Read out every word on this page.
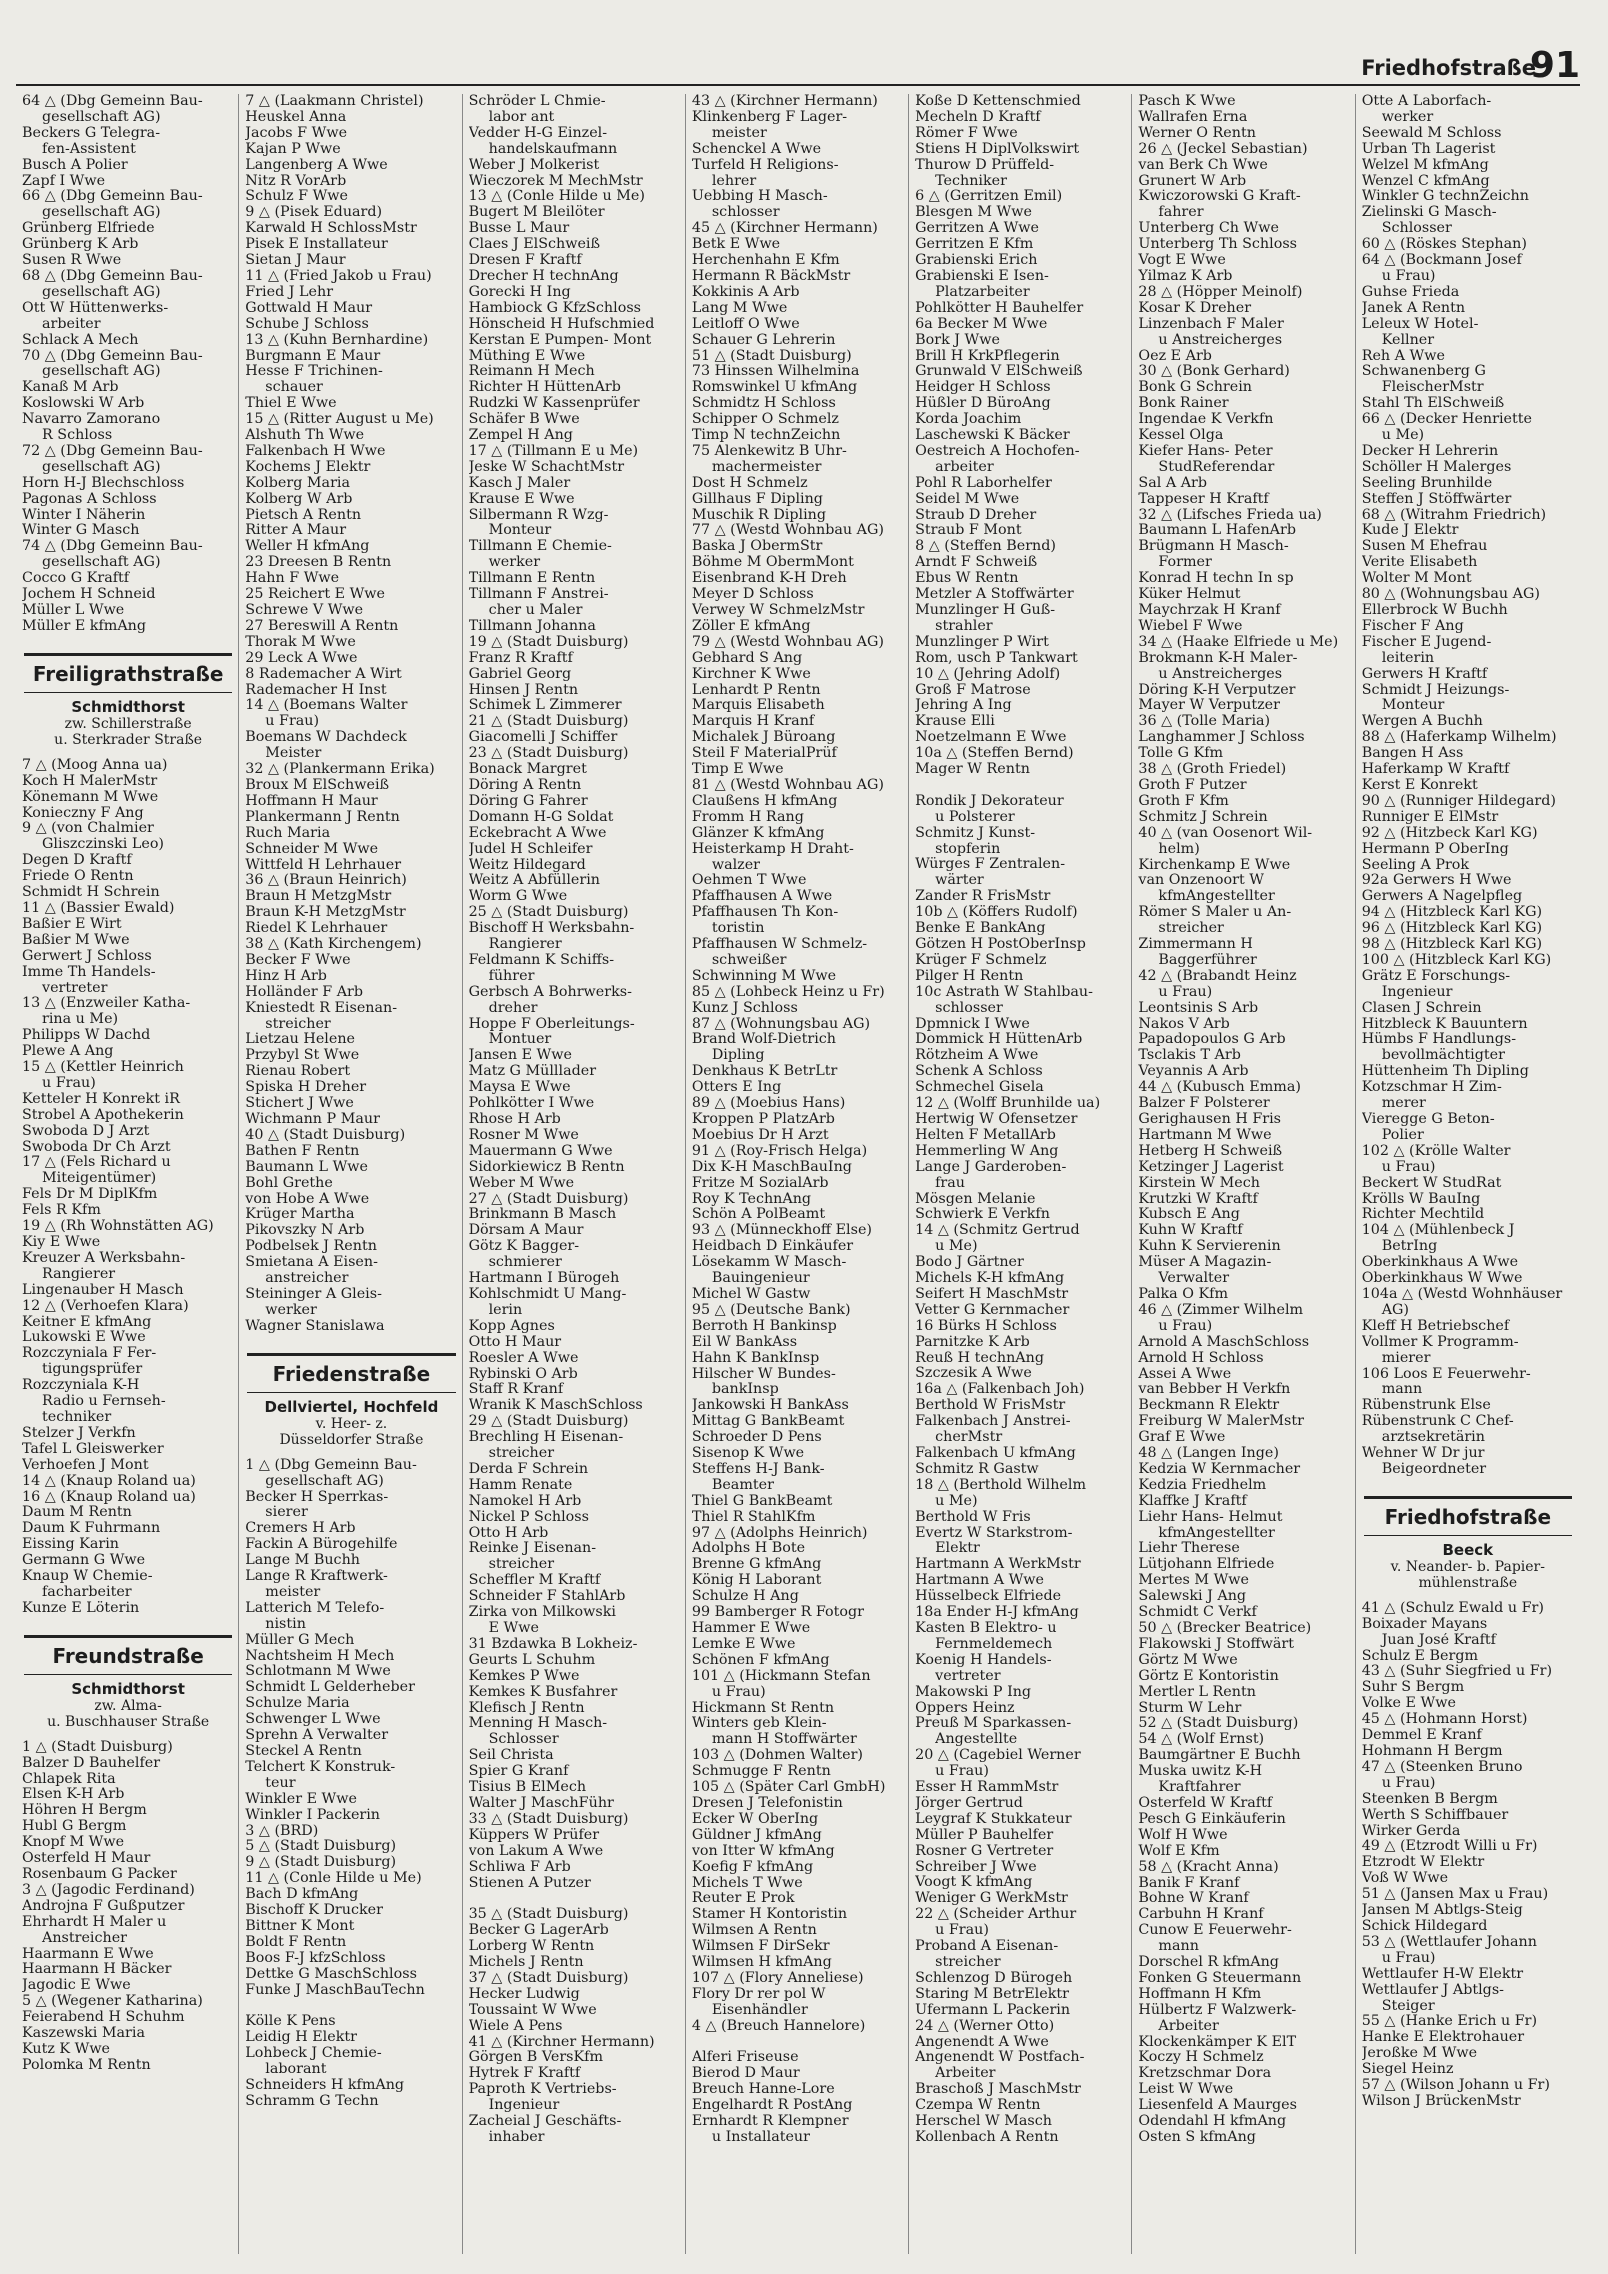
Friedhofstraße
91
64 △ (Dbg Gemeinn Bau-
gesellschaft AG)
Beckers G Telegra-
fen-Assistent
Busch A Polier
Zapf I Wwe
66 △ (Dbg Gemeinn Bau-
gesellschaft AG)
Grünberg Elfriede
Grünberg K Arb
Susen R Wwe
68 △ (Dbg Gemeinn Bau-
gesellschaft AG)
Ott W Hüttenwerks-
arbeiter
Schlack A Mech
70 △ (Dbg Gemeinn Bau-
gesellschaft AG)
Kanaß M Arb
Koslowski W Arb
Navarro Zamorano
R Schloss
72 △ (Dbg Gemeinn Bau-
gesellschaft AG)
Horn H-J Blechschloss
Pagonas A Schloss
Winter I Näherin
Winter G Masch
74 △ (Dbg Gemeinn Bau-
gesellschaft AG)
Cocco G Kraftf
Jochem H Schneid
Müller L Wwe
Müller E kfmAng
Freiligrathstraße
Schmidthorst
zw. Schillerstraße
u. Sterkrader Straße
7 △ (Moog Anna ua)
Koch H MalerMstr
Könemann M Wwe
Konieczny F Ang
9 △ (von Chalmier
Gliszczinski Leo)
Degen D Kraftf
Friede O Rentn
Schmidt H Schrein
11 △ (Bassier Ewald)
Baßier E Wirt
Baßier M Wwe
Gerwert J Schloss
Imme Th Handels-
vertreter
13 △ (Enzweiler Katha-
rina u Me)
Philipps W Dachd
Plewe A Ang
15 △ (Kettler Heinrich
u Frau)
Ketteler H Konrekt iR
Strobel A Apothekerin
Swoboda D J Arzt
Swoboda Dr Ch Arzt
17 △ (Fels Richard u
Miteigentümer)
Fels Dr M DiplKfm
Fels R Kfm
19 △ (Rh Wohnstätten AG)
Kiy E Wwe
Kreuzer A Werksbahn-
Rangierer
Lingenauber H Masch
12 △ (Verhoefen Klara)
Keitner E kfmAng
Lukowski E Wwe
Rozczyniala F Fer-
tigungsprüfer
Rozczyniala K-H
Radio u Fernseh-
techniker
Stelzer J Verkfn
Tafel L Gleiswerker
Verhoefen J Mont
14 △ (Knaup Roland ua)
16 △ (Knaup Roland ua)
Daum M Rentn
Daum K Fuhrmann
Eissing Karin
Germann G Wwe
Knaup W Chemie-
facharbeiter
Kunze E Löterin
Freundstraße
Schmidthorst
zw. Alma-
u. Buschhauser Straße
1 △ (Stadt Duisburg)
Balzer D Bauhelfer
Chlapek Rita
Elsen K-H Arb
Höhren H Bergm
Hubl G Bergm
Knopf M Wwe
Osterfeld H Maur
Rosenbaum G Packer
3 △ (Jagodic Ferdinand)
Androjna F Gußputzer
Ehrhardt H Maler u
Anstreicher
Haarmann E Wwe
Haarmann H Bäcker
Jagodic E Wwe
5 △ (Wegener Katharina)
Feierabend H Schuhm
Kaszewski Maria
Kutz K Wwe
Polomka M Rentn
7 △ (Laakmann Christel)
Heuskel Anna
Jacobs F Wwe
Kajan P Wwe
Langenberg A Wwe
Nitz R VorArb
Schulz F Wwe
9 △ (Pisek Eduard)
Karwald H SchlossMstr
Pisek E Installateur
Sietan J Maur
11 △ (Fried Jakob u Frau)
Fried J Lehr
Gottwald H Maur
Schube J Schloss
13 △ (Kuhn Bernhardine)
Burgmann E Maur
Hesse F Trichinen-
schauer
Thiel E Wwe
15 △ (Ritter August u Me)
Alshuth Th Wwe
Falkenbach H Wwe
Kochems J Elektr
Kolberg Maria
Kolberg W Arb
Pietsch A Rentn
Ritter A Maur
Weller H kfmAng
23 Dreesen B Rentn
Hahn F Wwe
25 Reichert E Wwe
Schrewe V Wwe
27 Bereswill A Rentn
Thorak M Wwe
29 Leck A Wwe
8 Rademacher A Wirt
Rademacher H Inst
14 △ (Boemans Walter
u Frau)
Boemans W Dachdeck
Meister
32 △ (Plankermann Erika)
Broux M ElSchweiß
Hoffmann H Maur
Plankermann J Rentn
Ruch Maria
Schneider M Wwe
Wittfeld H Lehrhauer
36 △ (Braun Heinrich)
Braun H MetzgMstr
Braun K-H MetzgMstr
Riedel K Lehrhauer
38 △ (Kath Kirchengem)
Becker F Wwe
Hinz H Arb
Holländer F Arb
Kniestedt R Eisenan-
streicher
Lietzau Helene
Przybyl St Wwe
Rienau Robert
Spiska H Dreher
Stichert J Wwe
Wichmann P Maur
40 △ (Stadt Duisburg)
Bathen F Rentn
Baumann L Wwe
Bohl Grethe
von Hobe A Wwe
Krüger Martha
Pikovszky N Arb
Podbelsek J Rentn
Smietana A Eisen-
anstreicher
Steininger A Gleis-
werker
Wagner Stanislawa
Friedenstraße
Dellviertel, Hochfeld
v. Heer- z.
Düsseldorfer Straße
1 △ (Dbg Gemeinn Bau-
gesellschaft AG)
Becker H Sperrkas-
sierer
Cremers H Arb
Fackin A Bürogehilfe
Lange M Buchh
Lange R Kraftwerk-
meister
Latterich M Telefo-
nistin
Müller G Mech
Nachtsheim H Mech
Schlotmann M Wwe
Schmidt L Gelderheber
Schulze Maria
Schwenger L Wwe
Sprehn A Verwalter
Steckel A Rentn
Telchert K Konstruk-
teur
Winkler E Wwe
Winkler I Packerin
3 △ (BRD)
5 △ (Stadt Duisburg)
9 △ (Stadt Duisburg)
11 △ (Conle Hilde u Me)
Bach D kfmAng
Bischoff K Drucker
Bittner K Mont
Boldt F Rentn
Boos F-J kfzSchloss
Dettke G MaschSchloss
Funke J MaschBauTechn
Kölle K Pens
Leidig H Elektr
Lohbeck J Chemie-
laborant
Schneiders H kfmAng
Schramm G Techn
Schröder L Chmie-
labor ant
Vedder H-G Einzel-
handelskaufmann
Weber J Molkerist
Wieczorek M MechMstr
13 △ (Conle Hilde u Me)
Bugert M Bleilöter
Busse L Maur
Claes J ElSchweiß
Dresen F Kraftf
Drecher H technAng
Gorecki H Ing
Hambiock G KfzSchloss
Hönscheid H Hufschmied
Kerstan E Pumpen- Mont
Müthing E Wwe
Reimann H Mech
Richter H HüttenArb
Rudzki W Kassenprüfer
Schäfer B Wwe
Zempel H Ang
17 △ (Tillmann E u Me)
Jeske W SchachtMstr
Kasch J Maler
Krause E Wwe
Silbermann R Wzg-
Monteur
Tillmann E Chemie-
werker
Tillmann E Rentn
Tillmann F Anstrei-
cher u Maler
Tillmann Johanna
19 △ (Stadt Duisburg)
Franz R Kraftf
Gabriel Georg
Hinsen J Rentn
Schimek L Zimmerer
21 △ (Stadt Duisburg)
Giacomelli J Schiffer
23 △ (Stadt Duisburg)
Bonack Margret
Döring A Rentn
Döring G Fahrer
Domann H-G Soldat
Eckebracht A Wwe
Judel H Schleifer
Weitz Hildegard
Weitz A Abfüllerin
Worm G Wwe
25 △ (Stadt Duisburg)
Bischoff H Werksbahn-
Rangierer
Feldmann K Schiffs-
führer
Gerbsch A Bohrwerks-
dreher
Hoppe F Oberleitungs-
Montuer
Jansen E Wwe
Matz G Mülllader
Maysa E Wwe
Pohlkötter I Wwe
Rhose H Arb
Rosner M Wwe
Mauermann G Wwe
Sidorkiewicz B Rentn
Weber M Wwe
27 △ (Stadt Duisburg)
Brinkmann B Masch
Dörsam A Maur
Götz K Bagger-
schmierer
Hartmann I Bürogeh
Kohlschmidt U Mang-
lerin
Kopp Agnes
Otto H Maur
Roesler A Wwe
Rybinski O Arb
Staff R Kranf
Wranik K MaschSchloss
29 △ (Stadt Duisburg)
Brechling H Eisenan-
streicher
Derda F Schrein
Hamm Renate
Namokel H Arb
Nickel P Schloss
Otto H Arb
Reinke J Eisenan-
streicher
Scheffler M Kraftf
Schneider F StahlArb
Zirka von Milkowski
E Wwe
31 Bzdawka B Lokheiz-
Geurts L Schuhm
Kemkes P Wwe
Kemkes K Busfahrer
Klefisch J Rentn
Menning H Masch-
Schlosser
Seil Christa
Spier G Kranf
Tisius B ElMech
Walter J MaschFühr
33 △ (Stadt Duisburg)
Küppers W Prüfer
von Lakum A Wwe
Schliwa F Arb
Stienen A Putzer
35 △ (Stadt Duisburg)
Becker G LagerArb
Lorberg W Rentn
Michels J Rentn
37 △ (Stadt Duisburg)
Hecker Ludwig
Toussaint W Wwe
Wiele A Pens
41 △ (Kirchner Hermann)
Görgen B VersKfm
Hytrek F Kraftf
Paproth K Vertriebs-
Ingenieur
Zacheial J Geschäfts-
inhaber
43 △ (Kirchner Hermann)
Klinkenberg F Lager-
meister
Schenckel A Wwe
Turfeld H Religions-
lehrer
Uebbing H Masch-
schlosser
45 △ (Kirchner Hermann)
Betk E Wwe
Herchenhahn E Kfm
Hermann R BäckMstr
Kokkinis A Arb
Lang M Wwe
Leitloff O Wwe
Schauer G Lehrerin
51 △ (Stadt Duisburg)
73 Hinssen Wilhelmina
Romswinkel U kfmAng
Schmidtz H Schloss
Schipper O Schmelz
Timp N technZeichn
75 Alenkewitz B Uhr-
machermeister
Dost H Schmelz
Gillhaus F Dipling
Muschik R Dipling
77 △ (Westd Wohnbau AG)
Baska J ObermStr
Böhme M ObermMont
Eisenbrand K-H Dreh
Meyer D Schloss
Verwey W SchmelzMstr
Zöller E kfmAng
79 △ (Westd Wohnbau AG)
Gebhard S Ang
Kirchner K Wwe
Lenhardt P Rentn
Marquis Elisabeth
Marquis H Kranf
Michalek J Büroang
Steil F MaterialPrüf
Timp E Wwe
81 △ (Westd Wohnbau AG)
Claußens H kfmAng
Fromm H Rang
Glänzer K kfmAng
Heisterkamp H Draht-
walzer
Oehmen T Wwe
Pfaffhausen A Wwe
Pfaffhausen Th Kon-
toristin
Pfaffhausen W Schmelz-
schweißer
Schwinning M Wwe
85 △ (Lohbeck Heinz u Fr)
Kunz J Schloss
87 △ (Wohnungsbau AG)
Brand Wolf-Dietrich
Dipling
Denkhaus K BetrLtr
Otters E Ing
89 △ (Moebius Hans)
Kroppen P PlatzArb
Moebius Dr H Arzt
91 △ (Roy-Frisch Helga)
Dix K-H MaschBauIng
Fritze M SozialArb
Roy K TechnAng
Schön A PolBeamt
93 △ (Münneckhoff Else)
Heidbach D Einkäufer
Lösekamm W Masch-
Bauingenieur
Michel W Gastw
95 △ (Deutsche Bank)
Berroth H Bankinsp
Eil W BankAss
Hahn K BankInsp
Hilscher W Bundes-
bankInsp
Jankowski H BankAss
Mittag G BankBeamt
Schroeder D Pens
Sisenop K Wwe
Steffens H-J Bank-
Beamter
Thiel G BankBeamt
Thiel R StahlKfm
97 △ (Adolphs Heinrich)
Adolphs H Bote
Brenne G kfmAng
König H Laborant
Schulze H Ang
99 Bamberger R Fotogr
Hammer E Wwe
Lemke E Wwe
Schönen F kfmAng
101 △ (Hickmann Stefan
u Frau)
Hickmann St Rentn
Winters geb Klein-
mann H Stoffwärter
103 △ (Dohmen Walter)
Schmugge F Rentn
105 △ (Später Carl GmbH)
Dresen J Telefonistin
Ecker W OberIng
Güldner J kfmAng
von Itter W kfmAng
Koefig F kfmAng
Michels T Wwe
Reuter E Prok
Stamer H Kontoristin
Wilmsen A Rentn
Wilmsen F DirSekr
Wilmsen H kfmAng
107 △ (Flory Anneliese)
Flory Dr rer pol W
Eisenhändler
4 △ (Breuch Hannelore)
Alferi Friseuse
Bierod D Maur
Breuch Hanne-Lore
Engelhardt R PostAng
Ernhardt R Klempner
u Installateur
Koße D Kettenschmied
Mecheln D Kraftf
Römer F Wwe
Stiens H DiplVolkswirt
Thurow D Prüffeld-
Techniker
6 △ (Gerritzen Emil)
Blesgen M Wwe
Gerritzen A Wwe
Gerritzen E Kfm
Grabienski Erich
Grabienski E Isen-
Platzarbeiter
Pohlkötter H Bauhelfer
6a Becker M Wwe
Bork J Wwe
Brill H KrkPflegerin
Grunwald V ElSchweiß
Heidger H Schloss
Hüßler D BüroAng
Korda Joachim
Laschewski K Bäcker
Oestreich A Hochofen-
arbeiter
Pohl R Laborhelfer
Seidel M Wwe
Straub D Dreher
Straub F Mont
8 △ (Steffen Bernd)
Arndt F Schweiß
Ebus W Rentn
Metzler A Stoffwärter
Munzlinger H Guß-
strahler
Munzlinger P Wirt
Rom, usch P Tankwart
10 △ (Jehring Adolf)
Groß F Matrose
Jehring A Ing
Krause Elli
Noetzelmann E Wwe
10a △ (Steffen Bernd)
Mager W Rentn
Rondik J Dekorateur
u Polsterer
Schmitz J Kunst-
stopferin
Würges F Zentralen-
wärter
Zander R FrisMstr
10b △ (Köffers Rudolf)
Benke E BankAng
Götzen H PostOberInsp
Krüger F Schmelz
Pilger H Rentn
10c Astrath W Stahlbau-
schlosser
Dpmnick I Wwe
Dommick H HüttenArb
Rötzheim A Wwe
Schenk A Schloss
Schmechel Gisela
12 △ (Wolff Brunhilde ua)
Hertwig W Ofensetzer
Helten F MetallArb
Hemmerling W Ang
Lange J Garderoben-
frau
Mösgen Melanie
Schwierk E Verkfn
14 △ (Schmitz Gertrud
u Me)
Bodo J Gärtner
Michels K-H kfmAng
Seifert H MaschMstr
Vetter G Kernmacher
16 Bürks H Schloss
Parnitzke K Arb
Reuß H technAng
Szczesik A Wwe
16a △ (Falkenbach Joh)
Berthold W FrisMstr
Falkenbach J Anstrei-
cherMstr
Falkenbach U kfmAng
Schmitz R Gastw
18 △ (Berthold Wilhelm
u Me)
Berthold W Fris
Evertz W Starkstrom-
Elektr
Hartmann A WerkMstr
Hartmann A Wwe
Hüsselbeck Elfriede
18a Ender H-J kfmAng
Kasten B Elektro- u
Fernmeldemech
Koenig H Handels-
vertreter
Makowski P Ing
Oppers Heinz
Preuß M Sparkassen-
Angestellte
20 △ (Cagebiel Werner
u Frau)
Esser H RammMstr
Jörger Gertrud
Leygraf K Stukkateur
Müller P Bauhelfer
Rosner G Vertreter
Schreiber J Wwe
Voogt K kfmAng
Weniger G WerkMstr
22 △ (Scheider Arthur
u Frau)
Proband A Eisenan-
streicher
Schlenzog D Bürogeh
Staring M BetrElektr
Ufermann L Packerin
24 △ (Werner Otto)
Angenendt A Wwe
Angenendt W Postfach-
Arbeiter
Braschoß J MaschMstr
Czempa W Rentn
Herschel W Masch
Kollenbach A Rentn
Pasch K Wwe
Wallrafen Erna
Werner O Rentn
26 △ (Jeckel Sebastian)
van Berk Ch Wwe
Grunert W Arb
Kwiczorowski G Kraft-
fahrer
Unterberg Ch Wwe
Unterberg Th Schloss
Vogt E Wwe
Yilmaz K Arb
28 △ (Höpper Meinolf)
Kosar K Dreher
Linzenbach F Maler
u Anstreicherges
Oez E Arb
30 △ (Bonk Gerhard)
Bonk G Schrein
Bonk Rainer
Ingendae K Verkfn
Kessel Olga
Kiefer Hans- Peter
StudReferendar
Sal A Arb
Tappeser H Kraftf
32 △ (Lifsches Frieda ua)
Baumann L HafenArb
Brügmann H Masch-
Former
Konrad H techn In sp
Küker Helmut
Maychrzak H Kranf
Wiebel F Wwe
34 △ (Haake Elfriede u Me)
Brokmann K-H Maler-
u Anstreicherges
Döring K-H Verputzer
Mayer W Verputzer
36 △ (Tolle Maria)
Langhammer J Schloss
Tolle G Kfm
38 △ (Groth Friedel)
Groth F Putzer
Groth F Kfm
Schmitz J Schrein
40 △ (van Oosenort Wil-
helm)
Kirchenkamp E Wwe
van Onzenoort W
kfmAngestellter
Römer S Maler u An-
streicher
Zimmermann H
Baggerführer
42 △ (Brabandt Heinz
u Frau)
Leontsinis S Arb
Nakos V Arb
Papadopoulos G Arb
Tsclakis T Arb
Veyannis A Arb
44 △ (Kubusch Emma)
Balzer F Polsterer
Gerighausen H Fris
Hartmann M Wwe
Hetberg H Schweiß
Ketzinger J Lagerist
Kirstein W Mech
Krutzki W Kraftf
Kubsch E Ang
Kuhn W Kraftf
Kuhn K Servierenin
Müser A Magazin-
Verwalter
Palka O Kfm
46 △ (Zimmer Wilhelm
u Frau)
Arnold A MaschSchloss
Arnold H Schloss
Assei A Wwe
van Bebber H Verkfn
Beckmann R Elektr
Freiburg W MalerMstr
Graf E Wwe
48 △ (Langen Inge)
Kedzia W Kernmacher
Kedzia Friedhelm
Klaffke J Kraftf
Liehr Hans- Helmut
kfmAngestellter
Liehr Therese
Lütjohann Elfriede
Mertes M Wwe
Salewski J Ang
Schmidt C Verkf
50 △ (Brecker Beatrice)
Flakowski J Stoffwärt
Görtz M Wwe
Görtz E Kontoristin
Mertler L Rentn
Sturm W Lehr
52 △ (Stadt Duisburg)
54 △ (Wolf Ernst)
Baumgärtner E Buchh
Muska uwitz K-H
Kraftfahrer
Osterfeld W Kraftf
Pesch G Einkäuferin
Wolf H Wwe
Wolf E Kfm
58 △ (Kracht Anna)
Banik F Kranf
Bohne W Kranf
Carbuhn H Kranf
Cunow E Feuerwehr-
mann
Dorschel R kfmAng
Fonken G Steuermann
Hoffmann H Kfm
Hülbertz F Walzwerk-
Arbeiter
Klockenkämper K ElT
Koczy H Schmelz
Kretzschmar Dora
Leist W Wwe
Liesenfeld A Maurges
Odendahl H kfmAng
Osten S kfmAng
Otte A Laborfach-
werker
Seewald M Schloss
Urban Th Lagerist
Welzel M kfmAng
Wenzel C kfmAng
Winkler G technZeichn
Zielinski G Masch-
Schlosser
60 △ (Röskes Stephan)
64 △ (Bockmann Josef
u Frau)
Guhse Frieda
Janek A Rentn
Leleux W Hotel-
Kellner
Reh A Wwe
Schwanenberg G
FleischerMstr
Stahl Th ElSchweiß
66 △ (Decker Henriette
u Me)
Decker H Lehrerin
Schöller H Malerges
Seeling Brunhilde
Steffen J Stöffwärter
68 △ (Witrahm Friedrich)
Kude J Elektr
Susen M Ehefrau
Verite Elisabeth
Wolter M Mont
80 △ (Wohnungsbau AG)
Ellerbrock W Buchh
Fischer F Ang
Fischer E Jugend-
leiterin
Gerwers H Kraftf
Schmidt J Heizungs-
Monteur
Wergen A Buchh
88 △ (Haferkamp Wilhelm)
Bangen H Ass
Haferkamp W Kraftf
Kerst E Konrekt
90 △ (Runniger Hildegard)
Runniger E ElMstr
92 △ (Hitzbeck Karl KG)
Hermann P OberIng
Seeling A Prok
92a Gerwers H Wwe
Gerwers A Nagelpfleg
94 △ (Hitzbleck Karl KG)
96 △ (Hitzbleck Karl KG)
98 △ (Hitzbleck Karl KG)
100 △ (Hitzbleck Karl KG)
Grätz E Forschungs-
Ingenieur
Clasen J Schrein
Hitzbleck K Bauuntern
Hümbs F Handlungs-
bevollmächtigter
Hüttenheim Th Dipling
Kotzschmar H Zim-
merer
Vieregge G Beton-
Polier
102 △ (Krölle Walter
u Frau)
Beckert W StudRat
Krölls W BauIng
Richter Mechtild
104 △ (Mühlenbeck J
BetrIng
Oberkinkhaus A Wwe
Oberkinkhaus W Wwe
104a △ (Westd Wohnhäuser
AG)
Kleff H Betriebschef
Vollmer K Programm-
mierer
106 Loos E Feuerwehr-
mann
Rübenstrunk Else
Rübenstrunk C Chef-
arztsekretärin
Wehner W Dr jur
Beigeordneter
Friedhofstraße
Beeck
v. Neander- b. Papier-
mühlenstraße
41 △ (Schulz Ewald u Fr)
Boixader Mayans
Juan José Kraftf
Schulz E Bergm
43 △ (Suhr Siegfried u Fr)
Suhr S Bergm
Volke E Wwe
45 △ (Hohmann Horst)
Demmel E Kranf
Hohmann H Bergm
47 △ (Steenken Bruno
u Frau)
Steenken B Bergm
Werth S Schiffbauer
Wirker Gerda
49 △ (Etzrodt Willi u Fr)
Etzrodt W Elektr
Voß W Wwe
51 △ (Jansen Max u Frau)
Jansen M Abtlgs-Steig
Schick Hildegard
53 △ (Wettlaufer Johann
u Frau)
Wettlaufer H-W Elektr
Wettlaufer J Abtlgs-
Steiger
55 △ (Hanke Erich u Fr)
Hanke E Elektrohauer
Jeroßke M Wwe
Siegel Heinz
57 △ (Wilson Johann u Fr)
Wilson J BrückenMstr
